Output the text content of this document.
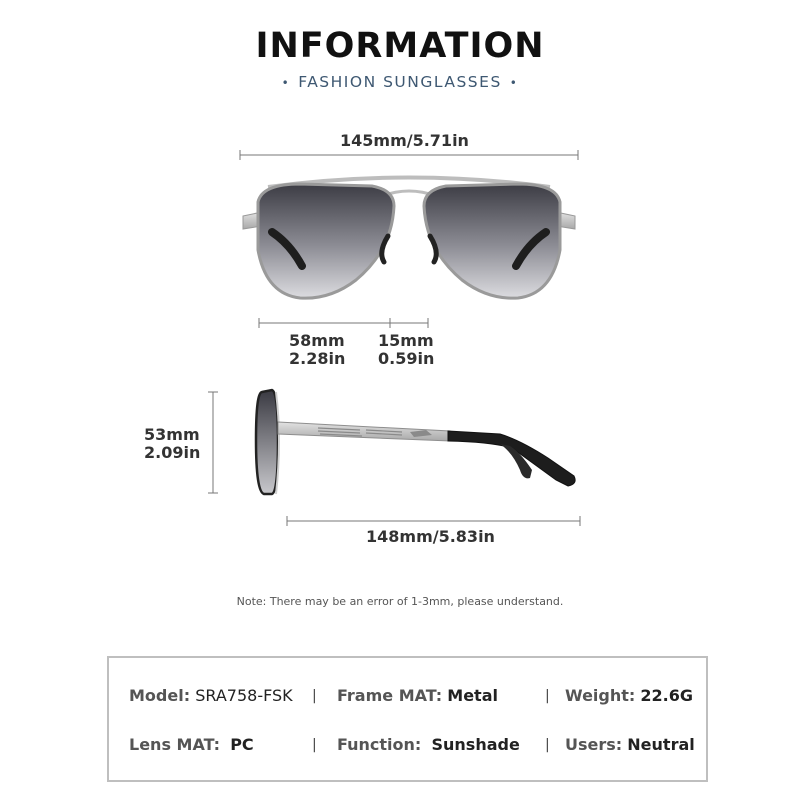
INFORMATION
• FASHION SUNGLASSES •
145mm/5.71in
58mm
2.28in
15mm
0.59in
53mm
2.09in
148mm/5.83in
Note: There may be an error of 1-3mm, please understand.
Model: SRA758-FSK | Frame MAT: Metal	| Weight: 22.6G
Lens MAT: PC	| Function: Sunshade | Users: Neutral
